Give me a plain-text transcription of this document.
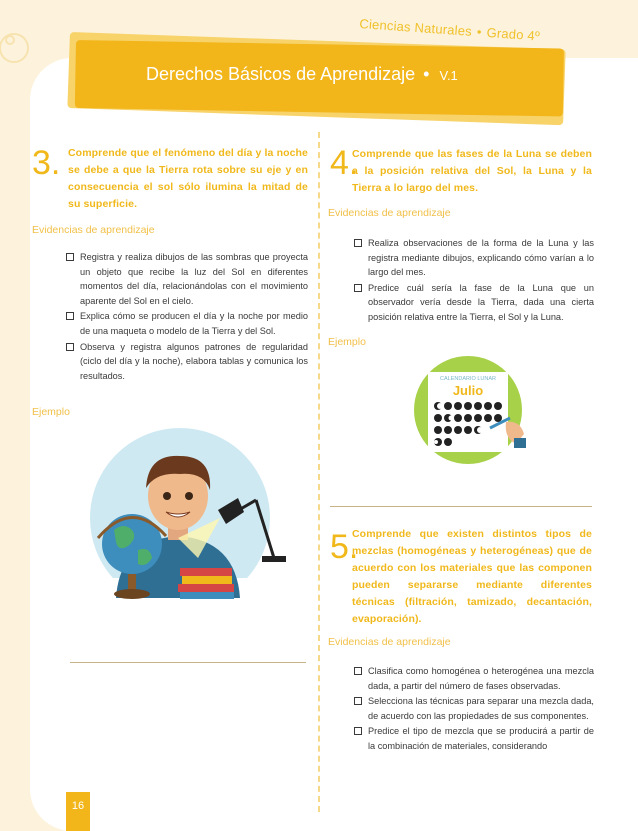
Ciencias Naturales • Grado 4º
Derechos Básicos de Aprendizaje • V.1
3. Comprende que el fenómeno del día y la noche se debe a que la Tierra rota sobre su eje y en consecuencia el sol sólo ilumina la mitad de su superficie.
Evidencias de aprendizaje
Registra y realiza dibujos de las sombras que proyecta un objeto que recibe la luz del Sol en diferentes momentos del día, relacionándolas con el movimiento aparente del Sol en el cielo.
Explica cómo se producen el día y la noche por medio de una maqueta o modelo de la Tierra y del Sol.
Observa y registra algunos patrones de regularidad (ciclo del día y la noche), elabora tablas y comunica los resultados.
Ejemplo
4.
Comprende que las fases de la Luna se deben a la posición relativa del Sol, la Luna y la Tierra a lo largo del mes.
Evidencias de aprendizaje
Realiza observaciones de la forma de la Luna y las registra mediante dibujos, explicando cómo varían a lo largo del mes.
Predice cuál sería la fase de la Luna que un observador vería desde la Tierra, dada una cierta posición relativa entre la Tierra, el Sol y la Luna.
Ejemplo
CALENDARIO LUNAR
Julio
5.
Comprende que existen distintos tipos de mezclas (homogéneas y heterogéneas) que de acuerdo con los materiales que las componen pueden separarse mediante diferentes técnicas (filtración, tamizado, decantación, evaporación).
Evidencias de aprendizaje
Clasifica como homogénea o heterogénea una mezcla dada, a partir del número de fases observadas.
Selecciona las técnicas para separar una mezcla dada, de acuerdo con las propiedades de sus componentes.
Predice el tipo de mezcla que se producirá a partir de la combinación de materiales, considerando
16
